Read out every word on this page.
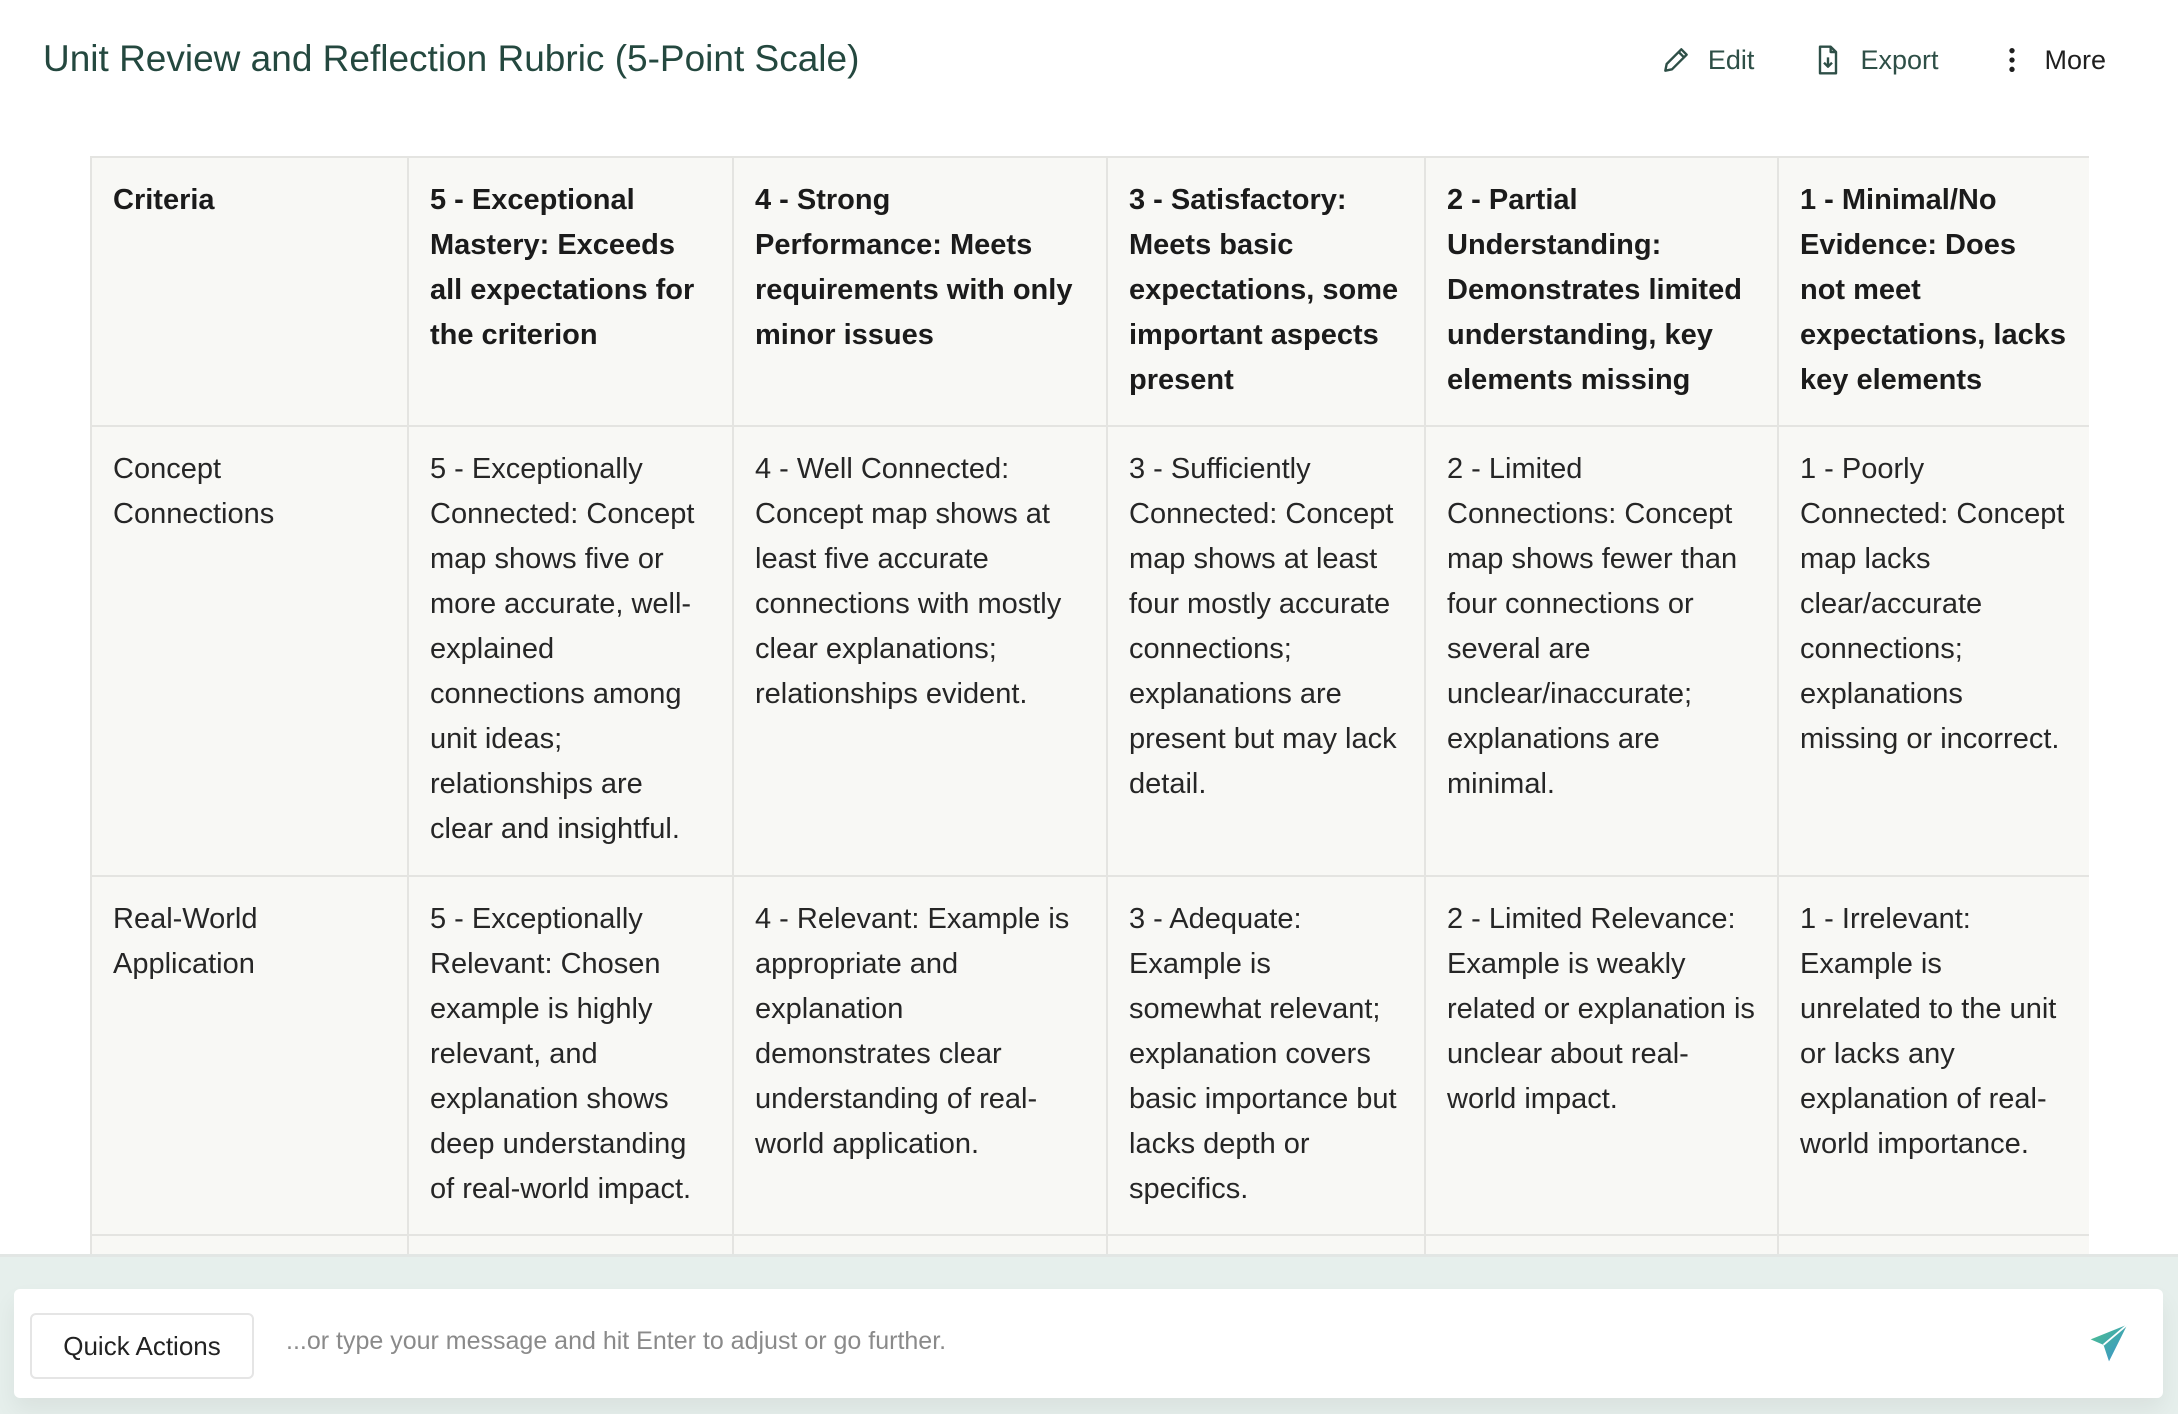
Unit Review and Reflection Rubric (5-Point Scale)	Edit	Export	More
Criteria	5 - Exceptional Mastery: Exceeds all expectations for the criterion	4 - Strong Performance: Meets requirements with only minor issues	3 - Satisfactory: Meets basic expectations, some important aspects present	2 - Partial Understanding: Demonstrates limited understanding, key elements missing	1 - Minimal/No Evidence: Does not meet expectations, lacks key elements
Concept Connections	5 - Exceptionally Connected: Concept map shows five or more accurate, well-explained connections among unit ideas; relationships are clear and insightful.	4 - Well Connected: Concept map shows at least five accurate connections with mostly clear explanations; relationships evident.	3 - Sufficiently Connected: Concept map shows at least four mostly accurate connections; explanations are present but may lack detail.	2 - Limited Connections: Concept map shows fewer than four connections or several are unclear/inaccurate; explanations are minimal.	1 - Poorly Connected: Concept map lacks clear/accurate connections; explanations missing or incorrect.
Real-World Application	5 - Exceptionally Relevant: Chosen example is highly relevant, and explanation shows deep understanding of real-world impact.	4 - Relevant: Example is appropriate and explanation demonstrates clear understanding of real-world application.	3 - Adequate: Example is somewhat relevant; explanation covers basic importance but lacks depth or specifics.	2 - Limited Relevance: Example is weakly related or explanation is unclear about real-world impact.	1 - Irrelevant: Example is unrelated to the unit or lacks any explanation of real-world importance.

Quick Actions
...or type your message and hit Enter to adjust or go further.
